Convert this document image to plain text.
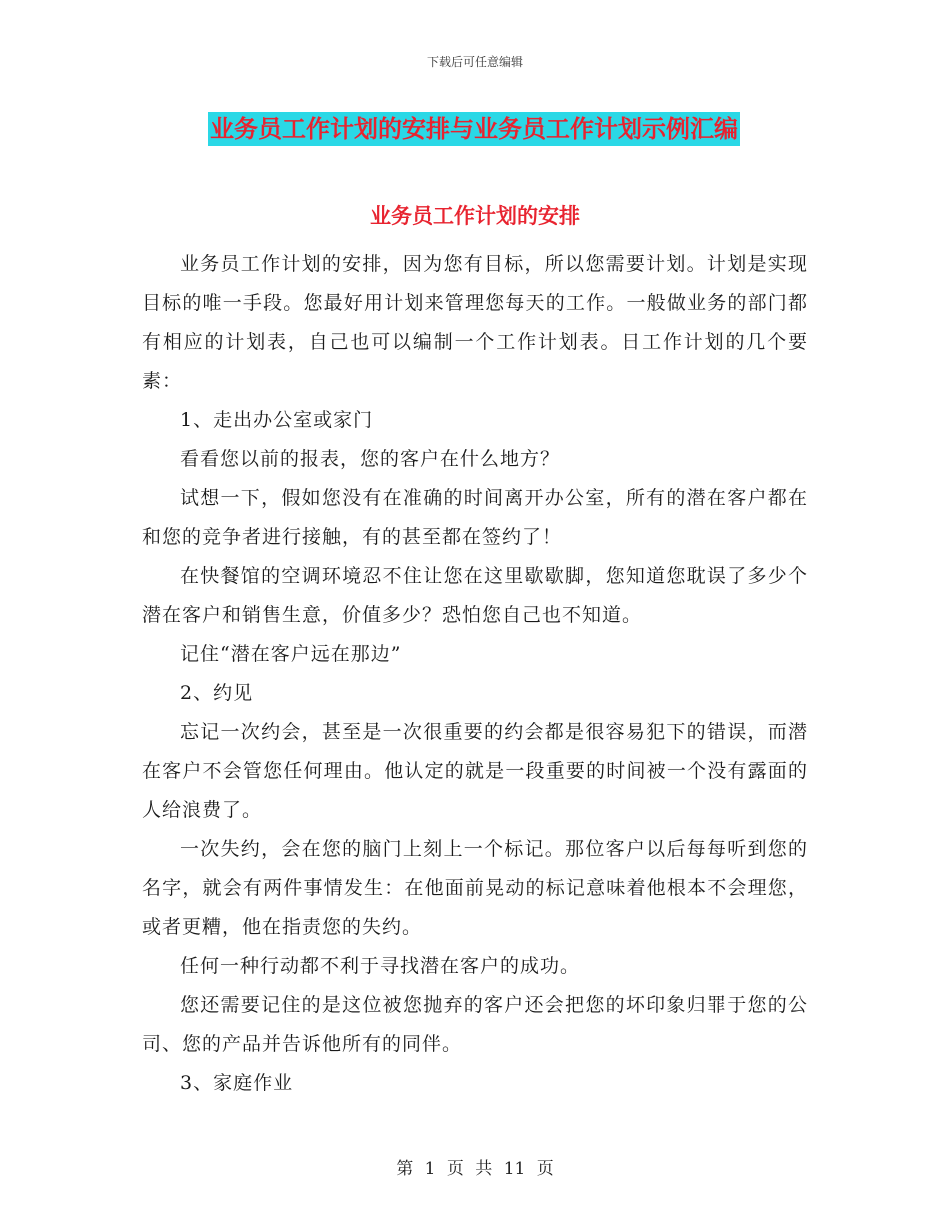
下载后可任意编辑
业务员工作计划的安排与业务员工作计划示例汇编
业务员工作计划的安排

业务员工作计划的安排，因为您有目标，所以您需要计划。计划是实现目标的唯一手段。您最好用计划来管理您每天的工作。一般做业务的部门都有相应的计划表，自己也可以编制一个工作计划表。日工作计划的几个要素：

1、走出办公室或家门

看看您以前的报表，您的客户在什么地方？

试想一下，假如您没有在准确的时间离开办公室，所有的潜在客户都在和您的竞争者进行接触，有的甚至都在签约了！

在快餐馆的空调环境忍不住让您在这里歇歇脚，您知道您耽误了多少个潜在客户和销售生意，价值多少？恐怕您自己也不知道。

记住“潜在客户远在那边”

2、约见

忘记一次约会，甚至是一次很重要的约会都是很容易犯下的错误，而潜在客户不会管您任何理由。他认定的就是一段重要的时间被一个没有露面的人给浪费了。

一次失约，会在您的脑门上刻上一个标记。那位客户以后每每听到您的名字，就会有两件事情发生：在他面前晃动的标记意味着他根本不会理您，或者更糟，他在指责您的失约。

任何一种行动都不利于寻找潜在客户的成功。

您还需要记住的是这位被您抛弃的客户还会把您的坏印象归罪于您的公司、您的产品并告诉他所有的同伴。

3、家庭作业

第 1 页 共 11 页
